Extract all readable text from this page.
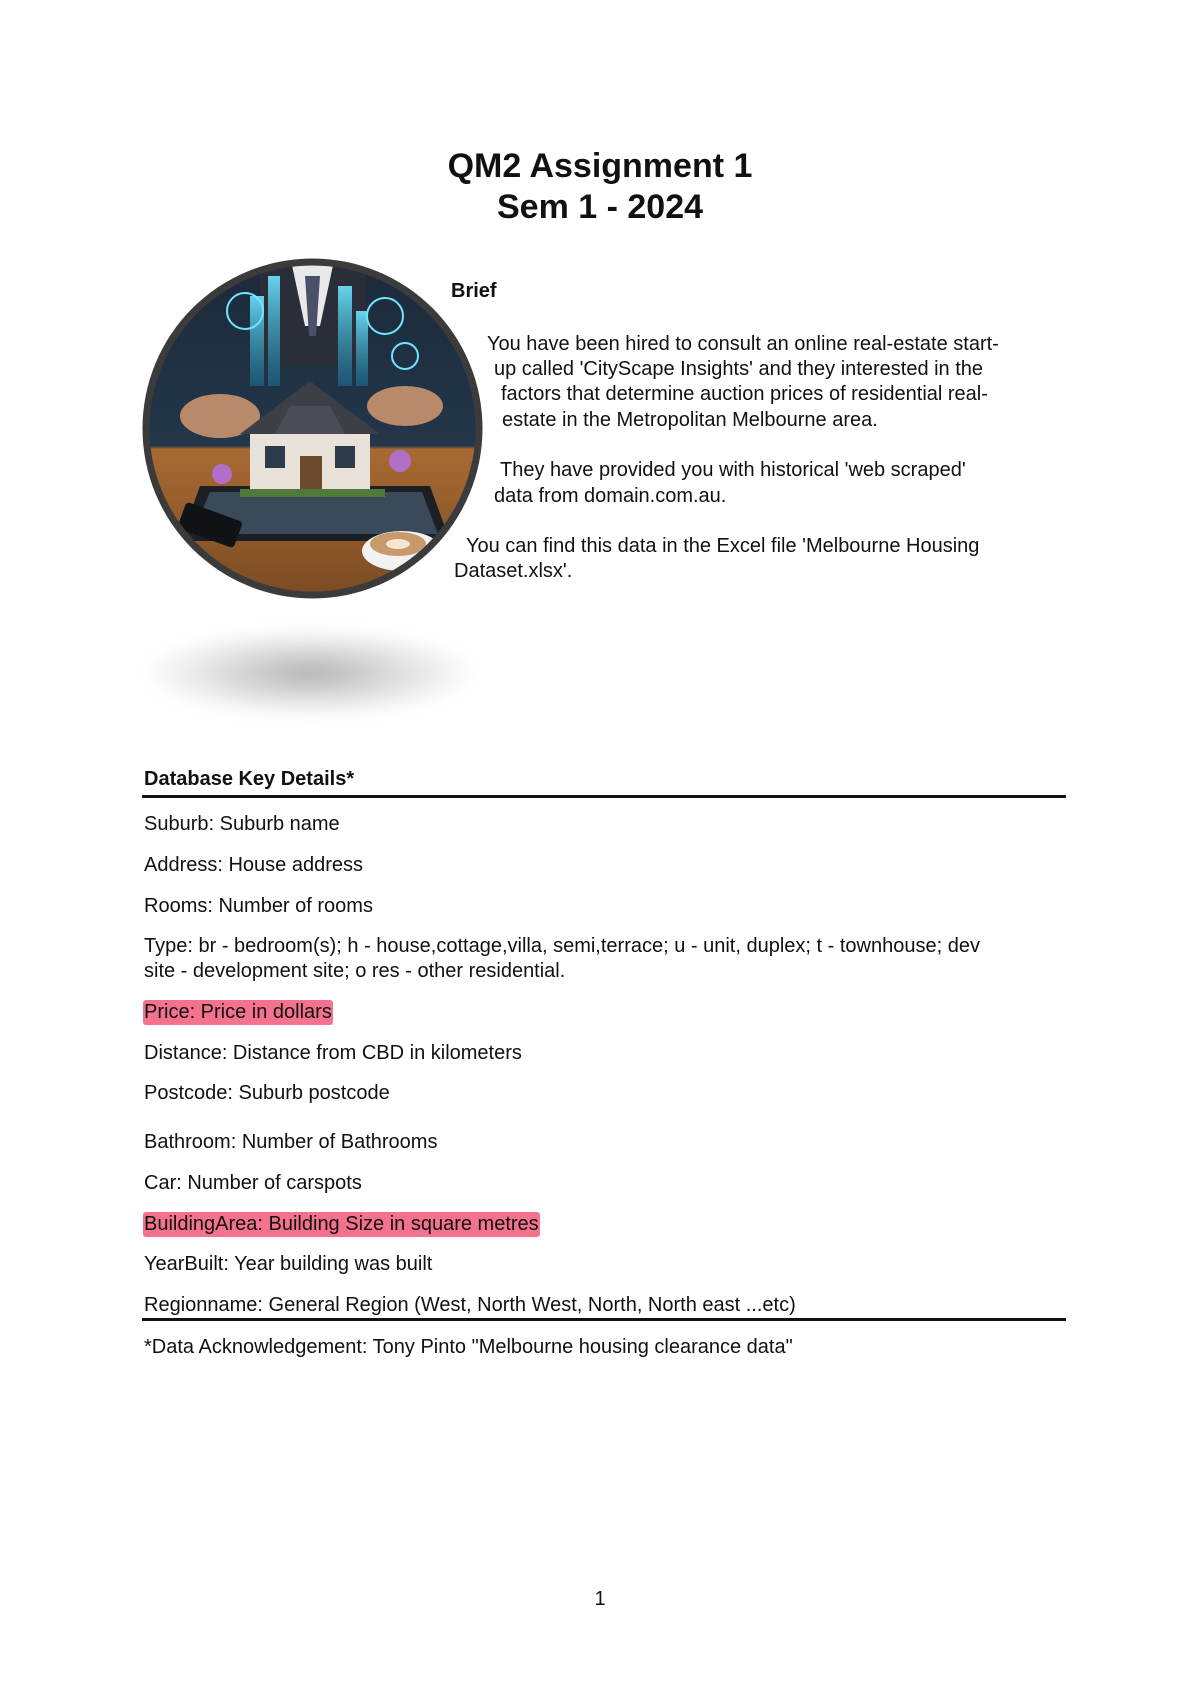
QM2 Assignment 1
Sem 1 - 2024

Brief

You have been hired to consult an online real-estate start-

up called 'CityScape Insights' and they interested in the

factors that determine auction prices of residential real-

estate in the Metropolitan Melbourne area.

They have provided you with historical 'web scraped'

data from domain.com.au.

You can find this data in the Excel file 'Melbourne Housing

Dataset.xlsx'.

Database Key Details*

Suburb: Suburb name

Address: House address

Rooms: Number of rooms

Type: br - bedroom(s); h - house,cottage,villa, semi,terrace; u - unit, duplex; t - townhouse; dev

site - development site; o res - other residential.

Price: Price in dollars

Distance: Distance from CBD in kilometers

Postcode: Suburb postcode

Bathroom: Number of Bathrooms

Car: Number of carspots

BuildingArea: Building Size in square metres

YearBuilt: Year building was built

Regionname: General Region (West, North West, North, North east ...etc)

*Data Acknowledgement: Tony Pinto "Melbourne housing clearance data"

1
